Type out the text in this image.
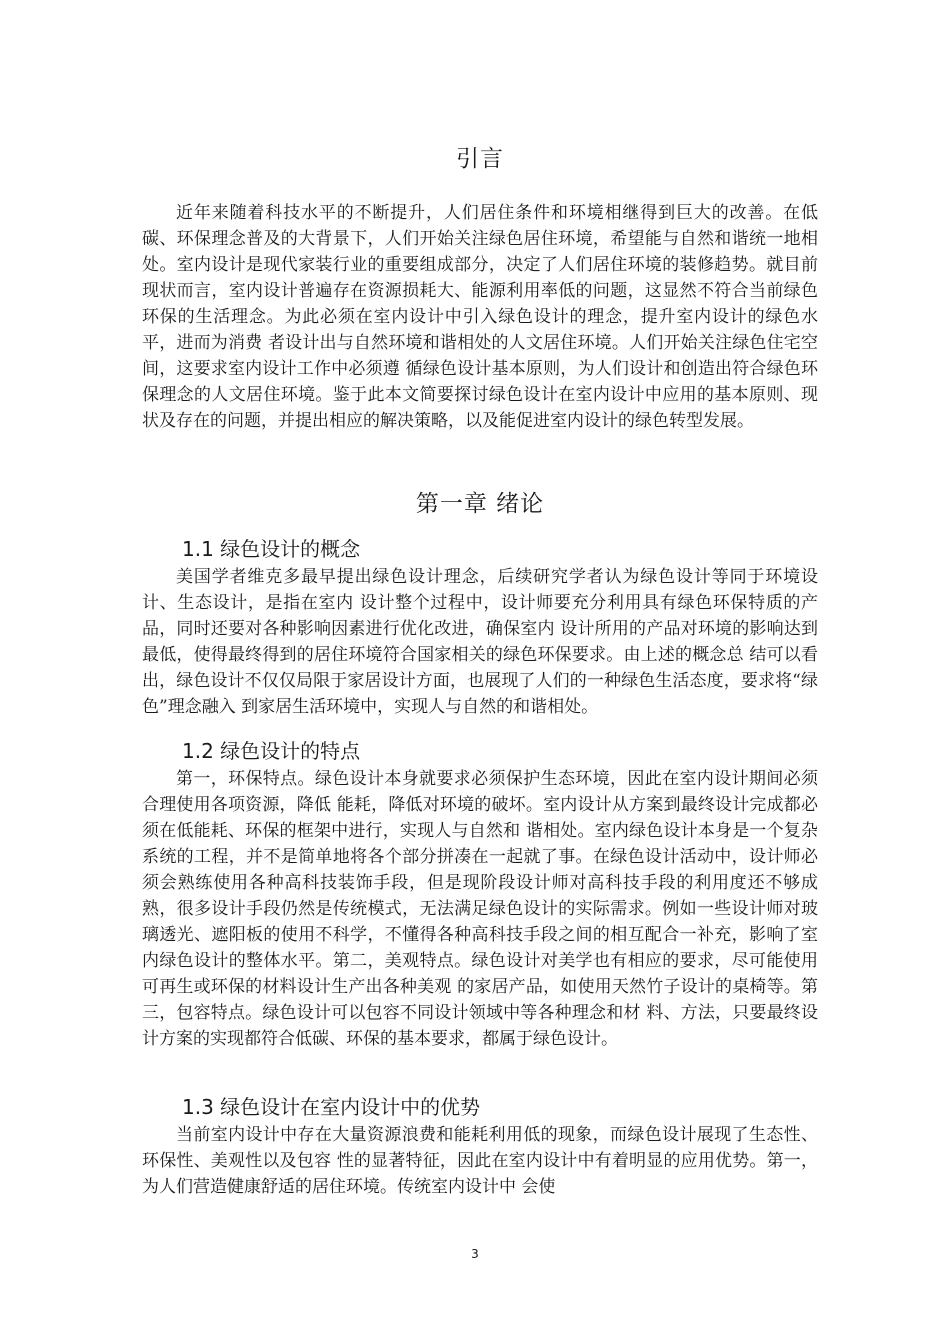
引言

近年来随着科技水平的不断提升，人们居住条件和环境相继得到巨大的改善。在低碳、环保理念普及的大背景下，人们开始关注绿色居住环境，希望能与自然和谐统一地相处。室内设计是现代家装行业的重要组成部分，决定了人们居住环境的装修趋势。就目前现状而言，室内设计普遍存在资源损耗大、能源利用率低的问题，这显然不符合当前绿色环保的生活理念。为此必须在室内设计中引入绿色设计的理念，提升室内设计的绿色水平，进而为消费 者设计出与自然环境和谐相处的人文居住环境。人们开始关注绿色住宅空间，这要求室内设计工作中必须遵 循绿色设计基本原则，为人们设计和创造出符合绿色环保理念的人文居住环境。鉴于此本文简要探讨绿色设计在室内设计中应用的基本原则、现状及存在的问题，并提出相应的解决策略，以及能促进室内设计的绿色转型发展。

第一章 绪论
1.1 绿色设计的概念

美国学者维克多最早提出绿色设计理念，后续研究学者认为绿色设计等同于环境设计、生态设计，是指在室内 设计整个过程中，设计师要充分利用具有绿色环保特质的产品，同时还要对各种影响因素进行优化改进，确保室内 设计所用的产品对环境的影响达到最低，使得最终得到的居住环境符合国家相关的绿色环保要求。由上述的概念总 结可以看出，绿色设计不仅仅局限于家居设计方面，也展现了人们的一种绿色生活态度，要求将“绿色”理念融入 到家居生活环境中，实现人与自然的和谐相处。

1.2 绿色设计的特点

第一，环保特点。绿色设计本身就要求必须保护生态环境，因此在室内设计期间必须合理使用各项资源，降低 能耗，降低对环境的破坏。室内设计从方案到最终设计完成都必须在低能耗、环保的框架中进行，实现人与自然和 谐相处。室内绿色设计本身是一个复杂系统的工程，并不是简单地将各个部分拼凑在一起就了事。在绿色设计活动中，设计师必须会熟练使用各种高科技装饰手段，但是现阶段设计师对高科技手段的利用度还不够成熟，很多设计手段仍然是传统模式，无法满足绿色设计的实际需求。例如一些设计师对玻璃透光、遮阳板的使用不科学，不懂得各种高科技手段之间的相互配合一补充，影响了室内绿色设计的整体水平。第二，美观特点。绿色设计对美学也有相应的要求，尽可能使用可再生或环保的材料设计生产出各种美观 的家居产品，如使用天然竹子设计的桌椅等。第三，包容特点。绿色设计可以包容不同设计领域中等各种理念和材 料、方法，只要最终设计方案的实现都符合低碳、环保的基本要求，都属于绿色设计。

1.3 绿色设计在室内设计中的优势

当前室内设计中存在大量资源浪费和能耗利用低的现象，而绿色设计展现了生态性、环保性、美观性以及包容 性的显著特征，因此在室内设计中有着明显的应用优势。第一，为人们营造健康舒适的居住环境。传统室内设计中 会使

3
